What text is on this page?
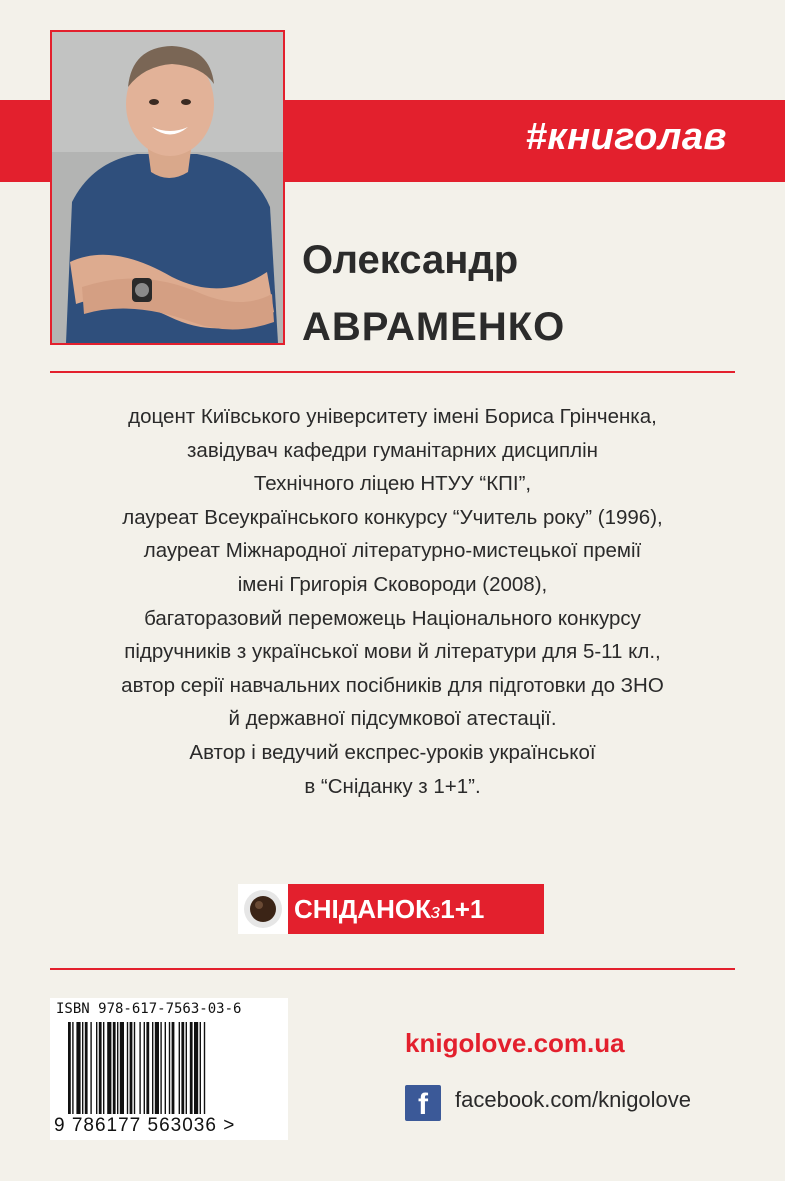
#книголав
Олександр
АВРАМЕНКО
доцент Київського університету імені Бориса Грінченка,
завідувач кафедри гуманітарних дисциплін
Технічного ліцею НТУУ “КПІ”,
лауреат Всеукраїнського конкурсу “Учитель року” (1996),
лауреат Міжнародної літературно-мистецької премії
імені Григорія Сковороди (2008),
багаторазовий переможець Національного конкурсу
підручників з української мови й літератури для 5-11 кл.,
автор серії навчальних посібників для підготовки до ЗНО
й державної підсумкової атестації.
Автор і ведучий експрес-уроків української
в “Сніданку з 1+1”.
СНІДАНОКз1+1
ISBN 978-617-7563-03-6
9 786177 563036 >
knigolove.com.ua
f	facebook.com/knigolove
